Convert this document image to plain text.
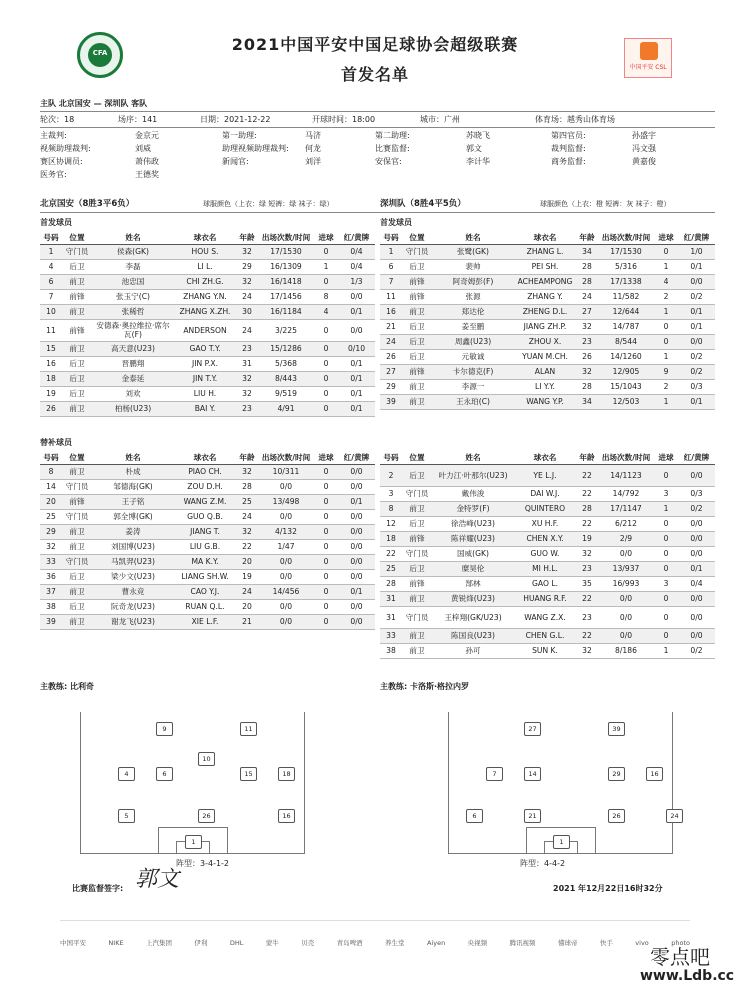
CFA
中国平安 CSL
2021中国平安中国足球协会超级联赛
首发名单
主队 北京国安 — 深圳队 客队
轮次：18	场序：141	日期：2021-12-22	开球时间：18:00	城市：广州	体育场：越秀山体育场
主裁判:	金京元	第一助理:	马济	第二助理:	苏晓飞	第四官员:	孙盛宇
视频助理裁判:	刘威	助理视频助理裁判: 何龙	比赛监督:	郭文	裁判监督:	冯文强
赛区协调员:	萧伟政	新闻官:	刘洋	安保官:	李计华	商务监督:	黄嘉俊
医务官:	王德奖
北京国安（8胜3平6负）	球服颜色（上衣：绿 短裤：绿 袜子：绿）	深圳队（8胜4平5负）	球服颜色（上衣：橙 短裤：灰 袜子：橙）
首发球员	首发球员
号码	位置	姓名	球衣名	年龄	出场次数/时间	进球	红/黄牌
1	守门员	侯森(GK)	HOU S.	32	17/1530	0	0/4
4	后卫	李磊	LI L.	29	16/1309	1	0/4
6	前卫	池忠国	CHI ZH.G.	32	16/1418	0	1/3
7	前锋	张玉宁(C)	ZHANG Y.N.	24	17/1456	8	0/0
10	前卫	张稀哲	ZHANG X.ZH.	30	16/1184	4	0/1
11	前锋	安德森·奥拉维拉·席尔瓦(F)	ANDERSON	24	3/225	0	0/0
15	前卫	高天意(U23)	GAO T.Y.	23	15/1286	0	0/10
16	后卫	晋鹏翔	JIN P.X.	31	5/368	0	0/1
18	后卫	金泰延	JIN T.Y.	32	8/443	0	0/1
19	后卫	刘欢	LIU H.	32	9/519	0	0/1
26	前卫	柏杨(U23)	BAI Y.	23	4/91	0	0/1
号码	位置	姓名	球衣名	年龄	出场次数/时间	进球	红/黄牌
1	守门员	张鹭(GK)	ZHANG L.	34	17/1530	0	1/0
6	后卫	裴帅	PEI SH.	28	5/316	1	0/1
7	前锋	阿奇姆彭(F)	ACHEAMPONG	28	17/1338	4	0/0
11	前锋	张源	ZHANG Y.	24	11/582	2	0/2
16	前卫	郑达伦	ZHENG D.L.	27	12/644	1	0/1
21	后卫	姜至鹏	JIANG ZH.P.	32	14/787	0	0/1
24	后卫	周鑫(U23)	ZHOU X.	23	8/544	0	0/0
26	后卫	元敏诚	YUAN M.CH.	26	14/1260	1	0/2
27	前锋	卡尔德克(F)	ALAN	32	12/905	9	0/2
29	前卫	李源一	LI Y.Y.	28	15/1043	2	0/3
39	前卫	王永珀(C)	WANG Y.P.	34	12/503	1	0/1
替补球员
号码	位置	姓名	球衣名	年龄	出场次数/时间	进球	红/黄牌
8	前卫	朴成	PIAO CH.	32	10/311	0	0/0
14	守门员	邹德海(GK)	ZOU D.H.	28	0/0	0	0/0
20	前锋	王子铭	WANG Z.M.	25	13/498	0	0/1
25	守门员	郭全博(GK)	GUO Q.B.	24	0/0	0	0/0
29	前卫	姜涛	JIANG T.	32	4/132	0	0/0
32	前卫	刘国博(U23)	LIU G.B.	22	1/47	0	0/0
33	守门员	马凯羿(U23)	MA K.Y.	20	0/0	0	0/0
36	后卫	梁少文(U23)	LIANG SH.W.	19	0/0	0	0/0
37	前卫	曹永竞	CAO Y.J.	24	14/456	0	0/1
38	后卫	阮奇龙(U23)	RUAN Q.L.	20	0/0	0	0/0
39	前卫	谢龙飞(U23)	XIE L.F.	21	0/0	0	0/0
号码	位置	姓名	球衣名	年龄	出场次数/时间	进球	红/黄牌
2	后卫	叶力江·叶那尔(U23)	YE L.J.	22	14/1123	0	0/0
3	守门员	戴伟浚	DAI W.J.	22	14/792	3	0/3
8	前卫	金特罗(F)	QUINTERO	28	17/1147	1	0/2
12	后卫	徐浩峰(U23)	XU H.F.	22	6/212	0	0/0
18	前锋	陈祥耀(U23)	CHEN X.Y.	19	2/9	0	0/0
22	守门员	国威(GK)	GUO W.	32	0/0	0	0/0
25	后卫	糜昊伦	MI H.L.	23	13/937	0	0/1
28	前锋	郜林	GAO L.	35	16/993	3	0/4
31	前卫	黄锐烽(U23)	HUANG R.F.	22	0/0	0	0/0
31	守门员	王梓翔(GK/U23)	WANG Z.X.	23	0/0	0	0/0
33	前卫	陈国良(U23)	CHEN G.L.	22	0/0	0	0/0
38	前卫	孙可	SUN K.	32	8/186	1	0/2
主教练: 比利奇	主教练: 卡洛斯·格拉内罗
9	11
10
4	6	15	18
5	26	16
1
阵型：3-4-1-2
27	39
7	14	29	16
6	21	26	24
1
阵型：4-4-2
比赛监督签字: 郭文	2021 年12月22日16时32分
中国平安	NIKE	上汽集团	伊利	DHL	蒙牛	贝壳	青岛啤酒	养生堂	Aiyen	央视频	腾讯视频	懂球帝	快手	vivo	photo
零点吧
www.Ldb.cc
